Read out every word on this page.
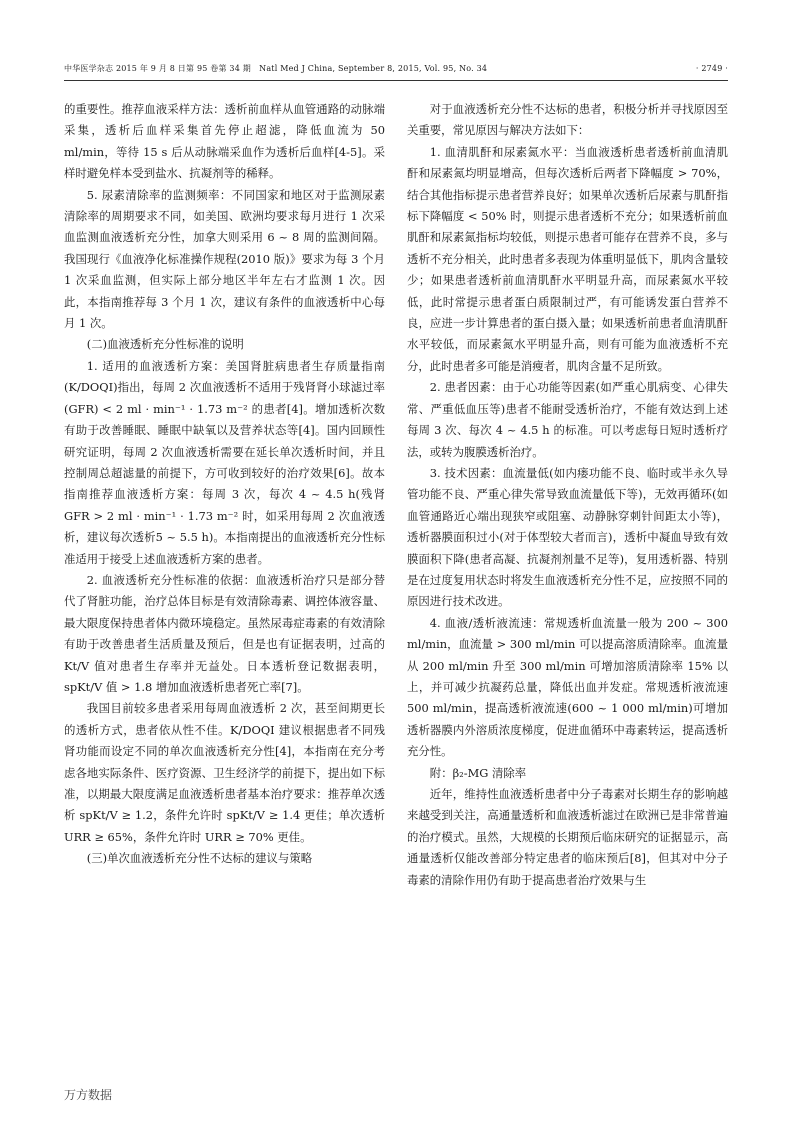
中华医学杂志 2015 年 9 月 8 日第 95 卷第 34 期　Natl Med J China, September 8, 2015, Vol. 95, No. 34	· 2749 ·

的重要性。推荐血液采样方法：透析前血样从血管通路的动脉端采集，透析后血样采集首先停止超滤，降低血流为 50 ml/min，等待 15 s 后从动脉端采血作为透析后血样[4-5]。采样时避免样本受到盐水、抗凝剂等的稀释。

5. 尿素清除率的监测频率：不同国家和地区对于监测尿素清除率的周期要求不同，如美国、欧洲均要求每月进行 1 次采血监测血液透析充分性，加拿大则采用 6 ~ 8 周的监测间隔。我国现行《血液净化标准操作规程(2010 版)》要求为每 3 个月 1 次采血监测，但实际上部分地区半年左右才监测 1 次。因此，本指南推荐每 3 个月 1 次，建议有条件的血液透析中心每月 1 次。

(二)血液透析充分性标准的说明

1. 适用的血液透析方案：美国肾脏病患者生存质量指南(K/DOQI)指出，每周 2 次血液透析不适用于残肾肾小球滤过率(GFR) < 2 ml · min⁻¹ · 1.73 m⁻² 的患者[4]。增加透析次数有助于改善睡眠、睡眠中缺氧以及营养状态等[4]。国内回顾性研究证明，每周 2 次血液透析需要在延长单次透析时间，并且控制周总超滤量的前提下，方可收到较好的治疗效果[6]。故本指南推荐血液透析方案：每周 3 次，每次 4 ~ 4.5 h(残肾 GFR > 2 ml · min⁻¹ · 1.73 m⁻² 时，如采用每周 2 次血液透析，建议每次透析5 ~ 5.5 h)。本指南提出的血液透析充分性标准适用于接受上述血液透析方案的患者。

2. 血液透析充分性标准的依据：血液透析治疗只是部分替代了肾脏功能，治疗总体目标是有效清除毒素、调控体液容量、最大限度保持患者体内微环境稳定。虽然尿毒症毒素的有效清除有助于改善患者生活质量及预后，但是也有证据表明，过高的 Kt/V 值对患者生存率并无益处。日本透析登记数据表明，spKt/V 值 > 1.8 增加血液透析患者死亡率[7]。

我国目前较多患者采用每周血液透析 2 次，甚至间期更长的透析方式，患者依从性不佳。K/DOQI 建议根据患者不同残肾功能而设定不同的单次血液透析充分性[4]，本指南在充分考虑各地实际条件、医疗资源、卫生经济学的前提下，提出如下标准，以期最大限度满足血液透析患者基本治疗要求：推荐单次透析 spKt/V ≥ 1.2，条件允许时 spKt/V ≥ 1.4 更佳；单次透析 URR ≥ 65%，条件允许时 URR ≥ 70% 更佳。

(三)单次血液透析充分性不达标的建议与策略

对于血液透析充分性不达标的患者，积极分析并寻找原因至关重要，常见原因与解决方法如下：

1. 血清肌酐和尿素氮水平：当血液透析患者透析前血清肌酐和尿素氮均明显增高，但每次透析后两者下降幅度 > 70%，结合其他指标提示患者营养良好；如果单次透析后尿素与肌酐指标下降幅度 < 50% 时，则提示患者透析不充分；如果透析前血肌酐和尿素氮指标均较低，则提示患者可能存在营养不良，多与透析不充分相关，此时患者多表现为体重明显低下，肌肉含量较少；如果患者透析前血清肌酐水平明显升高，而尿素氮水平较低，此时常提示患者蛋白质限制过严，有可能诱发蛋白营养不良，应进一步计算患者的蛋白摄入量；如果透析前患者血清肌酐水平较低，而尿素氮水平明显升高，则有可能为血液透析不充分，此时患者多可能是消瘦者，肌肉含量不足所致。

2. 患者因素：由于心功能等因素(如严重心肌病变、心律失常、严重低血压等)患者不能耐受透析治疗，不能有效达到上述每周 3 次、每次 4 ~ 4.5 h 的标准。可以考虑每日短时透析疗法，或转为腹膜透析治疗。

3. 技术因素：血流量低(如内瘘功能不良、临时或半永久导管功能不良、严重心律失常导致血流量低下等)，无效再循环(如血管通路近心端出现狭窄或阻塞、动静脉穿刺针间距太小等)，透析器膜面积过小(对于体型较大者而言)，透析中凝血导致有效膜面积下降(患者高凝、抗凝剂剂量不足等)，复用透析器、特别是在过度复用状态时将发生血液透析充分性不足，应按照不同的原因进行技术改进。

4. 血液/透析液流速：常规透析血流量一般为 200 ~ 300 ml/min，血流量 > 300 ml/min 可以提高溶质清除率。血流量从 200 ml/min 升至 300 ml/min 可增加溶质清除率 15% 以上，并可减少抗凝药总量，降低出血并发症。常规透析液流速 500 ml/min，提高透析液流速(600 ~ 1 000 ml/min)可增加透析器膜内外溶质浓度梯度，促进血循环中毒素转运，提高透析充分性。

附：β₂-MG 清除率

近年，维持性血液透析患者中分子毒素对长期生存的影响越来越受到关注，高通量透析和血液透析滤过在欧洲已是非常普遍的治疗模式。虽然，大规模的长期预后临床研究的证据显示，高通量透析仅能改善部分特定患者的临床预后[8]，但其对中分子毒素的清除作用仍有助于提高患者治疗效果与生

万方数据
